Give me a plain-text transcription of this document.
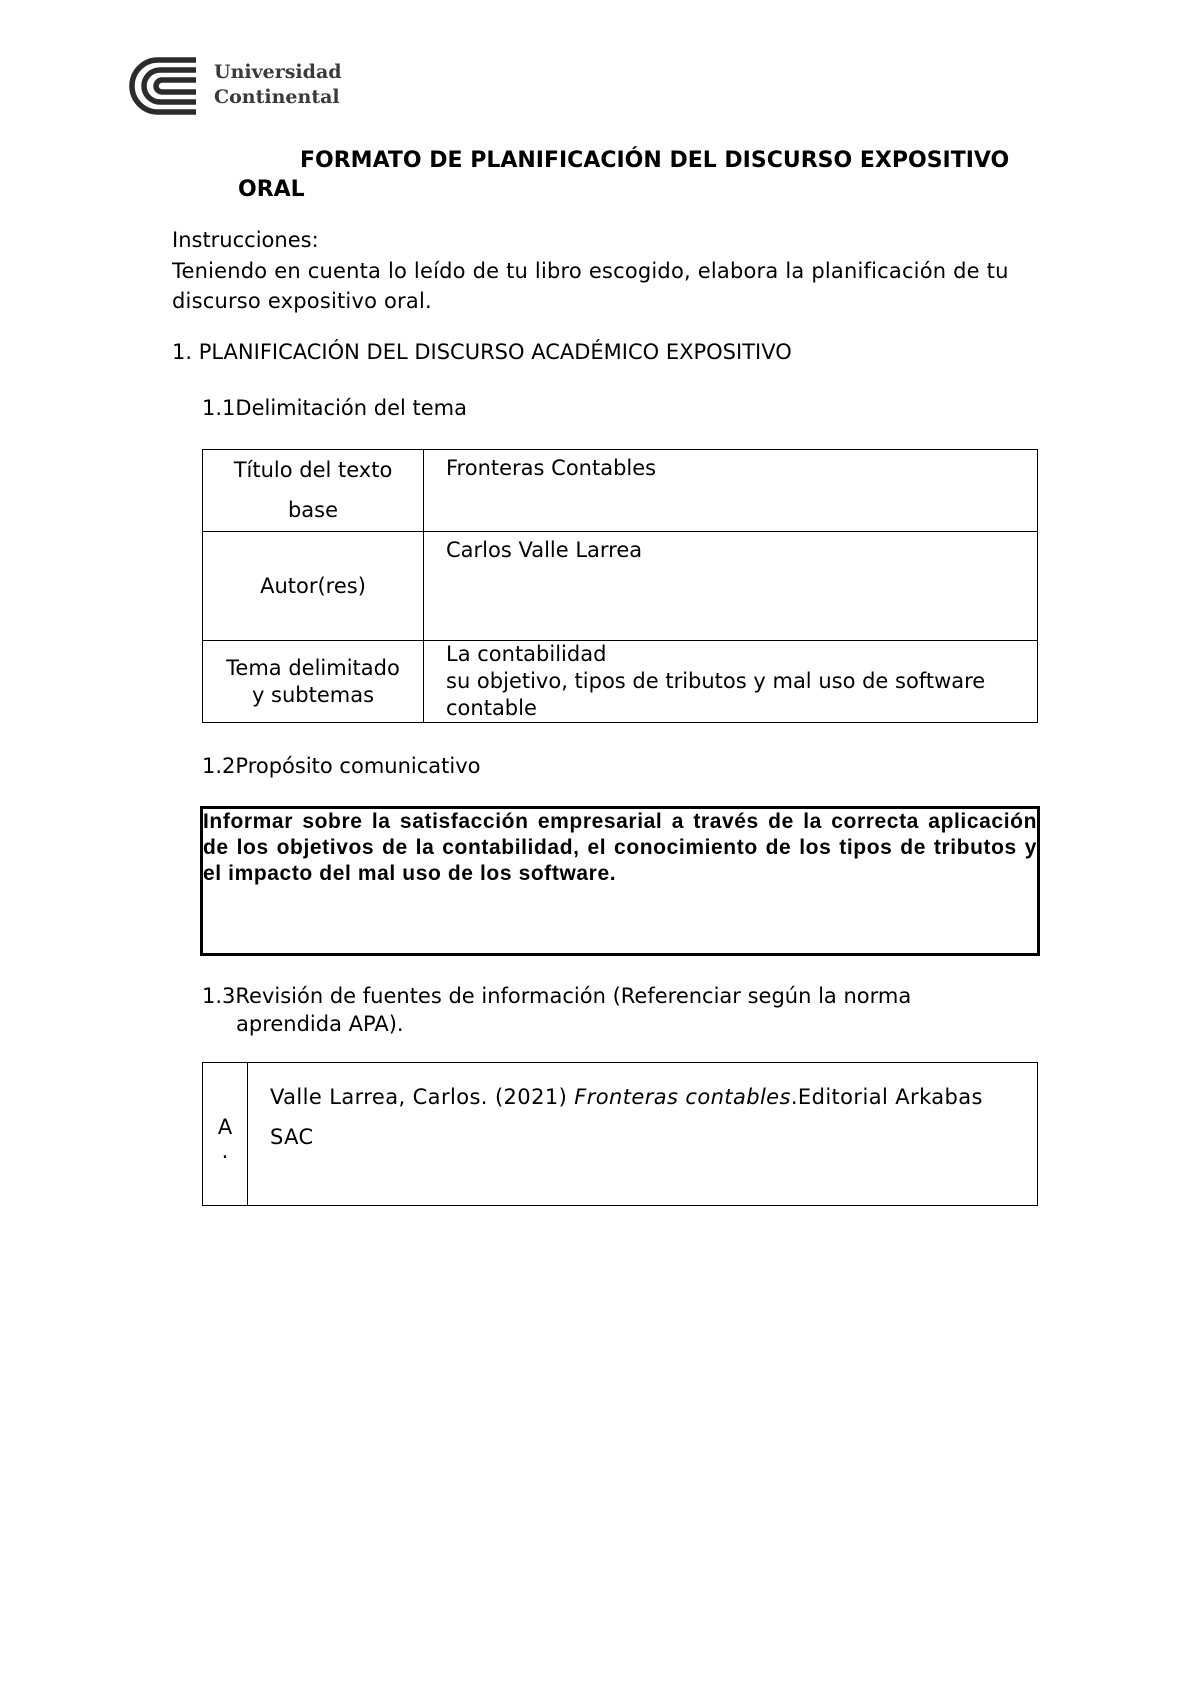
Universidad
Continental
FORMATO DE PLANIFICACIÓN DEL DISCURSO EXPOSITIVO
ORAL
Instrucciones:
Teniendo en cuenta lo leído de tu libro escogido, elabora la planificación de tu discurso expositivo oral.
1. PLANIFICACIÓN DEL DISCURSO ACADÉMICO EXPOSITIVO
1.1Delimitación del tema
Título del texto base	Fronteras Contables

Autor(res)	Carlos Valle Larrea

Tema delimitado y subtemas	La contabilidad
su objetivo, tipos de tributos y mal uso de software contable
1.2Propósito comunicativo
Informar sobre la satisfacción empresarial a través de la correcta aplicación de los objetivos de la contabilidad, el conocimiento de los tipos de tributos y el impacto del mal uso de los software.
1.3Revisión de fuentes de información (Referenciar según la norma
aprendida APA).
A
.
	Valle Larrea, Carlos. (2021) Fronteras contables.Editorial Arkabas SAC
